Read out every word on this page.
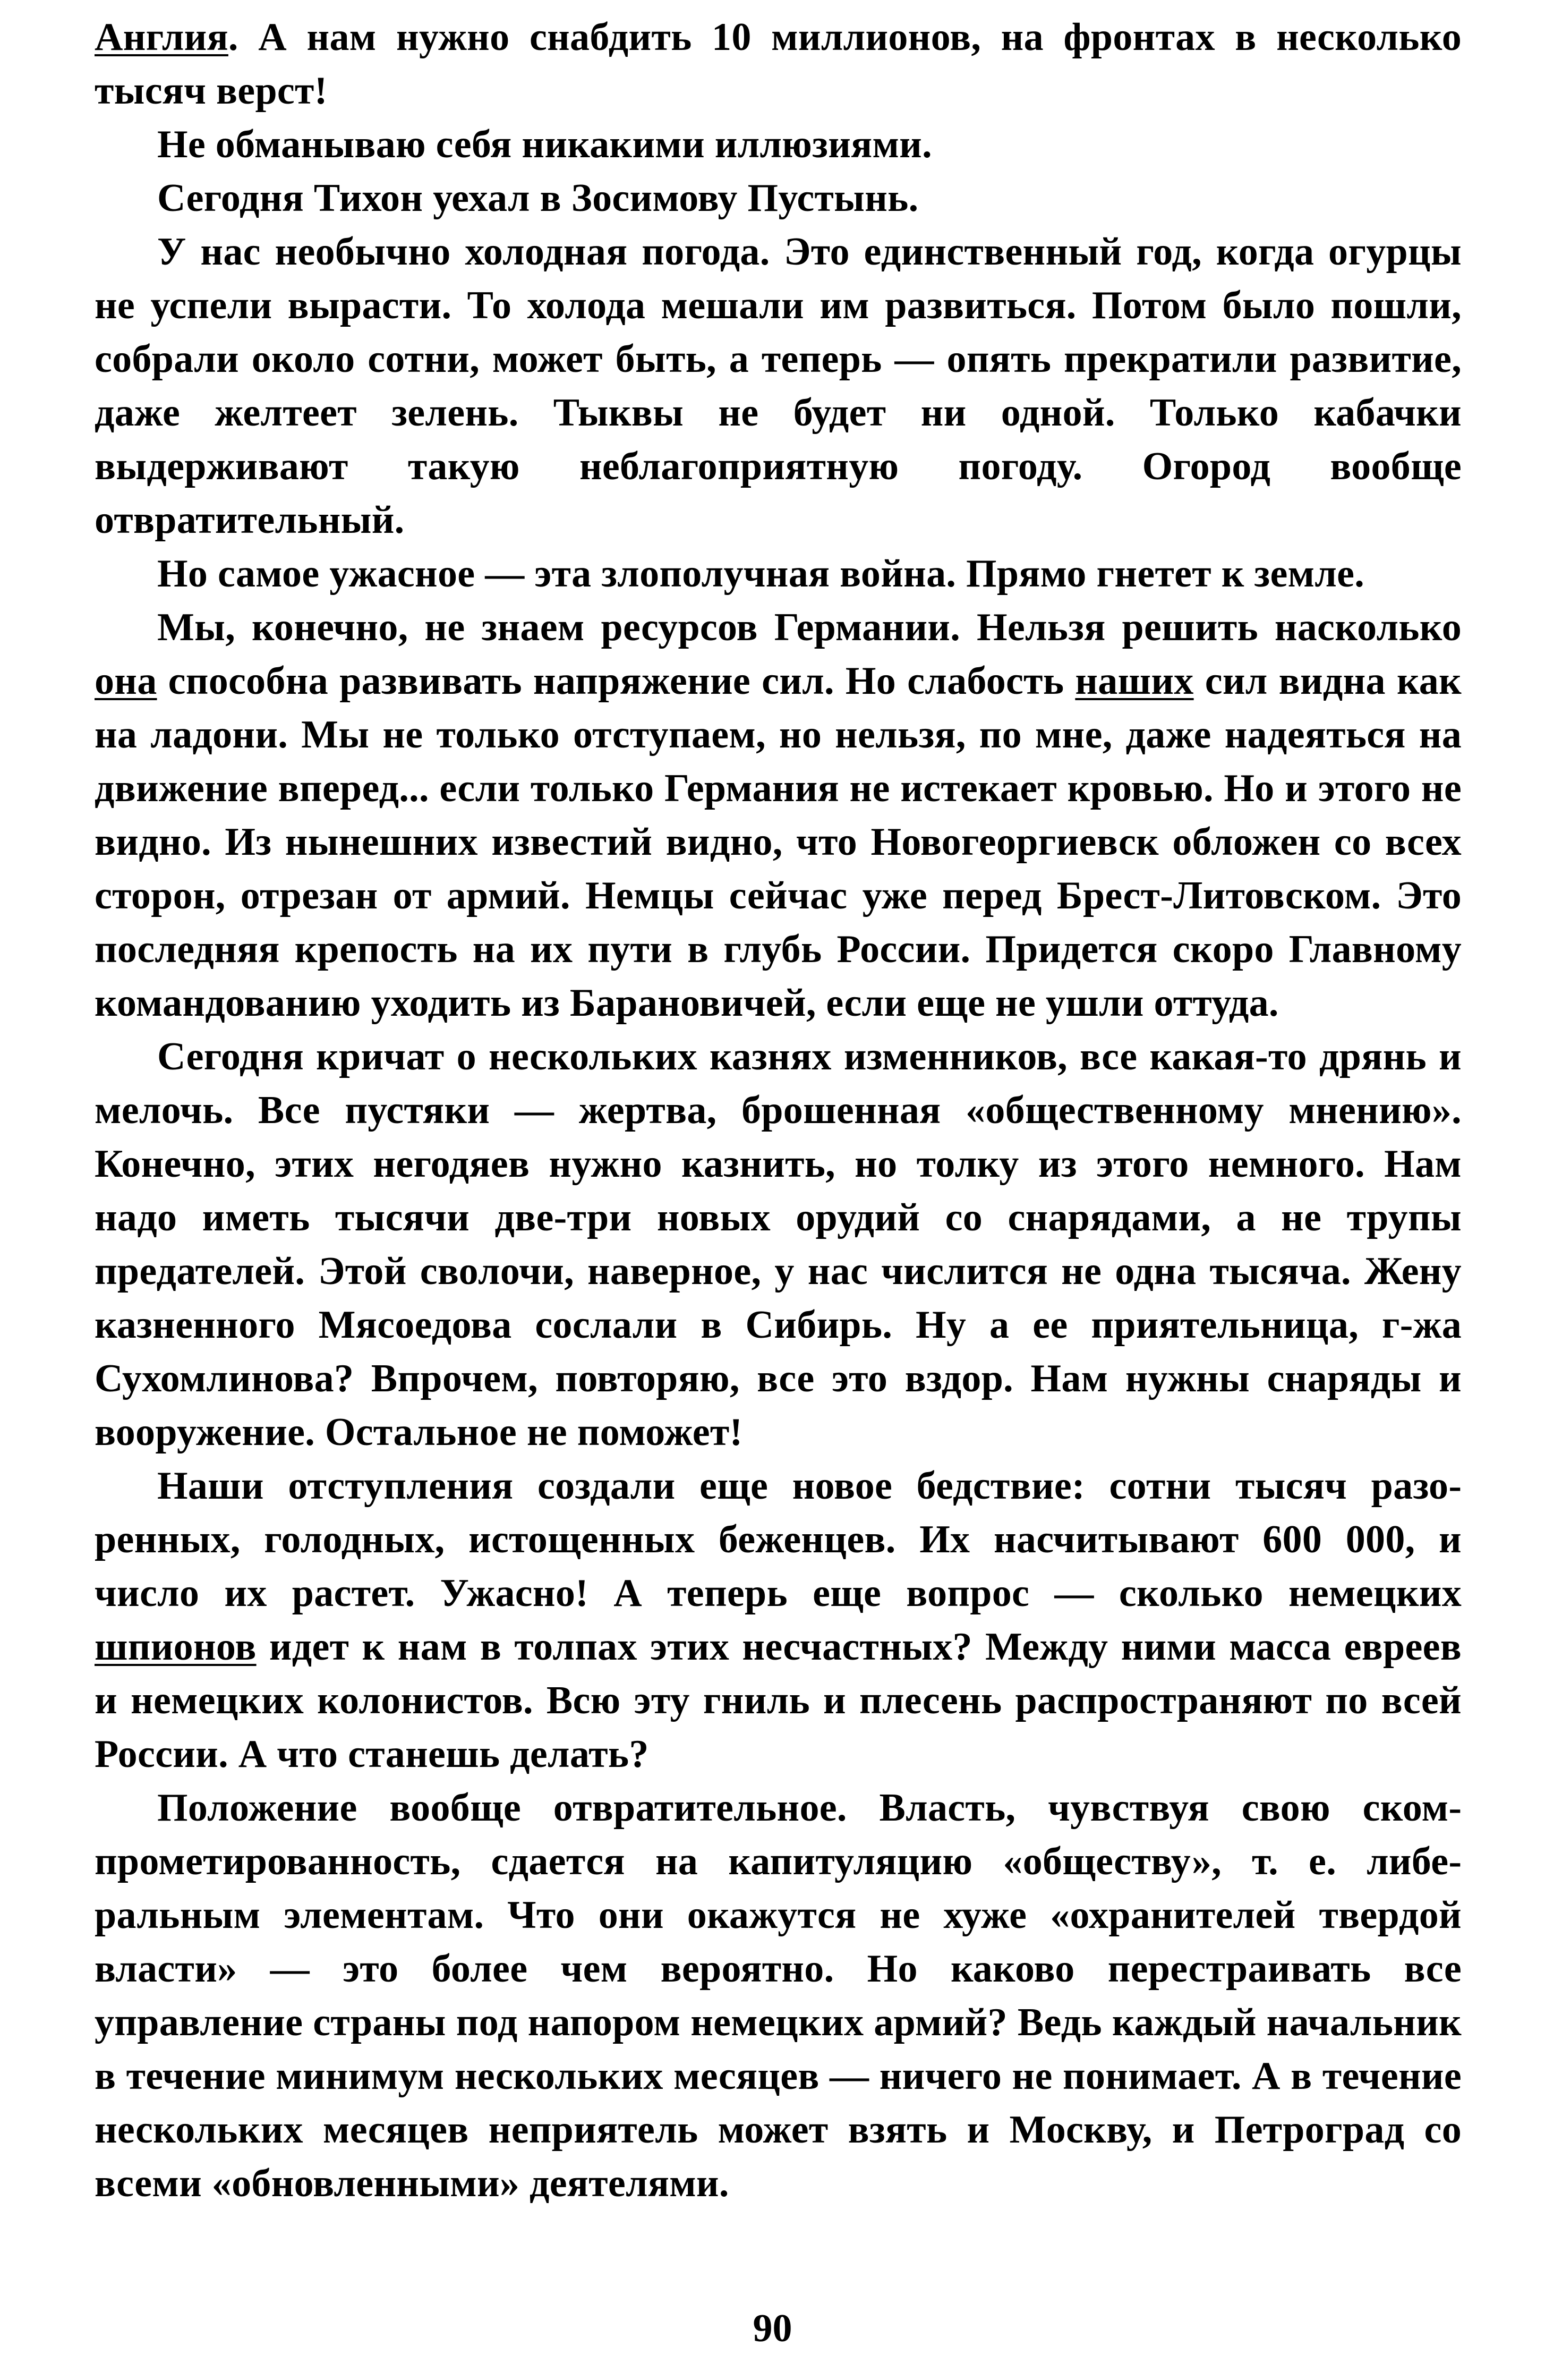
Англия. А нам нужно снабдить 10 миллионов, на фронтах в несколько тысяч верст!

Не обманываю себя никакими иллюзиями.

Сегодня Тихон уехал в Зосимову Пустынь.

У нас необычно холодная погода. Это единственный год, когда огурцы не успели вырасти. То холода мешали им развиться. Потом было пошли, собрали около сотни, может быть, а теперь — опять прекратили развитие, даже желтеет зелень. Тыквы не будет ни одной. Только кабачки выдерживают такую неблагоприятную погоду. Огород вообще отвратительный.

Но самое ужасное — эта злополучная война. Прямо гнетет к земле.

Мы, конечно, не знаем ресурсов Германии. Нельзя решить насколько она способна развивать напряжение сил. Но слабость наших сил видна как на ладони. Мы не только отступаем, но нельзя, по мне, даже надеяться на движение вперед... если только Германия не истекает кровью. Но и этого не видно. Из нынешних известий видно, что Новогеоргиевск обложен со всех сторон, отрезан от армий. Немцы сейчас уже перед Брест-Литовском. Это последняя крепость на их пути в глубь России. Придется скоро Главному командованию уходить из Барановичей, если еще не ушли оттуда.

Сегодня кричат о нескольких казнях изменников, все какая-то дрянь и мелочь. Все пустяки — жертва, брошенная «общественному мнению». Конечно, этих негодяев нужно казнить, но толку из этого немного. Нам надо иметь тысячи две-три новых орудий со снарядами, а не трупы предателей. Этой сволочи, наверное, у нас числится не одна тысяча. Жену казненного Мясоедова сослали в Сибирь. Ну а ее приятельница, г-жа Сухомлинова? Впрочем, повторяю, все это вздор. Нам нужны снаряды и вооружение. Остальное не поможет!

Наши отступления создали еще новое бедствие: сотни тысяч разоренных, голодных, истощенных беженцев. Их насчитывают 600 000, и число их растет. Ужасно! А теперь еще вопрос — сколько немецких шпионов идет к нам в толпах этих несчастных? Между ними масса евреев и немецких колонистов. Всю эту гниль и плесень распространяют по всей России. А что станешь делать?

Положение вообще отвратительное. Власть, чувствуя свою скомпрометированность, сдается на капитуляцию «обществу», т. е. либеральным элементам. Что они окажутся не хуже «охранителей твердой власти» — это более чем вероятно. Но каково перестраивать все управление страны под напором немецких армий? Ведь каждый начальник в течение минимум нескольких месяцев — ничего не понимает. А в течение нескольких месяцев неприятель может взять и Москву, и Петроград со всеми «обновленными» деятелями.

90
